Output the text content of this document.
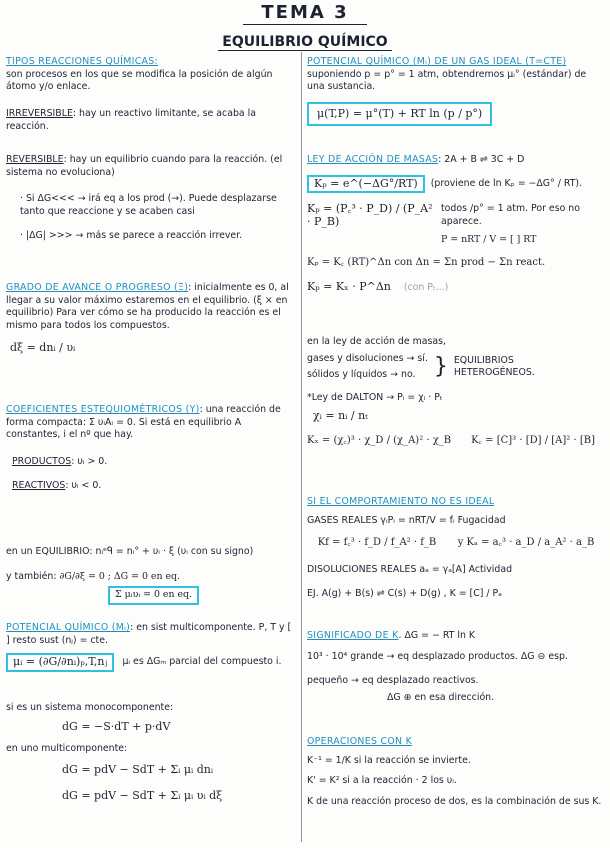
TEMA 3
EQUILIBRIO QUÍMICO
TIPOS REACCIONES QUÍMICAS:
son procesos en los que se modifica la posición de algún átomo y/o enlace.
IRREVERSIBLE: hay un reactivo limitante, se acaba la reacción.
REVERSIBLE: hay un equilibrio cuando para la reacción. (el sistema no evoluciona)
· Si ΔG<<< → irá eq a los prod (→). Puede desplazarse tanto que reaccione y se acaben casi
· |ΔG| >>> → más se parece a reacción irrever.
GRADO DE AVANCE O PROGRESO (Ξ): inicialmente es 0, al llegar a su valor máximo estaremos en el equilibrio. (ξ × en equilibrio) Para ver cómo se ha producido la reacción es el mismo para todos los compuestos.
dξ = dnᵢ / υᵢ
COEFICIENTES ESTEQUIOMÉTRICOS (Υ): una reacción de forma compacta: Σ υᵢAᵢ = 0. Si está en equilibrio A constantes, i el nº que hay.
PRODUCTOS: υᵢ > 0.
REACTIVOS: υᵢ < 0.
en un EQUILIBRIO: nᵢᵉᑫ = nᵢ° + υᵢ · ξ (υᵢ con su signo)
y también: ∂G/∂ξ = 0 ; ΔG = 0 en eq.
Σ μᵢυᵢ = 0 en eq.
POTENCIAL QUÍMICO (Μᵢ): en sist multicomponente. P, T y [ ] resto sust (nⱼ) = cte.
μᵢ = (∂G/∂nᵢ)ₚ,T,nⱼ	μᵢ es ΔGₘ parcial del compuesto i.
si es un sistema monocomponente:
dG = −S·dT + p·dV
en uno multicomponente:
dG = pdV − SdT + Σᵢ μᵢ dnᵢ
dG = pdV − SdT + Σᵢ μᵢ υᵢ dξ
POTENCIAL QUÍMICO (Μᵢ) DE UN GAS IDEAL (T=CTE)
suponiendo p = p° = 1 atm, obtendremos μᵢ° (estándar) de una sustancia.
μ(T,P) = μ°(T) + RT ln (p / p°)
LEY DE ACCIÓN DE MASAS: 2A + B ⇌ 3C + D
Kₚ = e^(−ΔG°/RT)	(proviene de ln Kₚ = −ΔG° / RT).
Kₚ = (P꜀³ · P_D) / (P_A² · P_B)
todos /p° = 1 atm. Por eso no aparece.
P = nRT / V = [ ] RT
Kₚ = K꜀ (RT)^Δn con Δn = Σn prod − Σn react.
Kₚ = Kₓ · P^Δn (con Pₜ...)
en la ley de acción de masas,
gases y disoluciones → sí.
sólidos y líquidos → no. } EQUILIBRIOS HETEROGÉNEOS.
*Ley de DALTON → Pᵢ = χᵢ · Pₜ
χᵢ = nᵢ / nₜ
Kₓ = (χ꜀)³ · χ_D / (χ_A)² · χ_B K꜀ = [C]³ · [D] / [A]² · [B]
SI EL COMPORTAMIENTO NO ES IDEAL
GASES REALES γᵢPᵢ = nRT/V = fᵢ Fugacidad
Kf = f꜀³ · f_D / f_A² · f_B y Kₐ = a꜀³ · a_D / a_A² · a_B
DISOLUCIONES REALES aₐ = γₐ[A] Actividad
EJ. A(g) + B(s) ⇌ C(s) + D(g) , K = [C] / Pₐ
SIGNIFICADO DE K. ΔG = − RT ln K
10³ · 10⁴ grande → eq desplazado productos. ΔG ⊖ esp.
pequeño → eq desplazado reactivos.
ΔG ⊕ en esa dirección.
OPERACIONES CON K
K⁻¹ = 1/K si la reacción se invierte.
K' = K² si a la reacción · 2 los υᵢ.
K de una reacción proceso de dos, es la combinación de sus K.
